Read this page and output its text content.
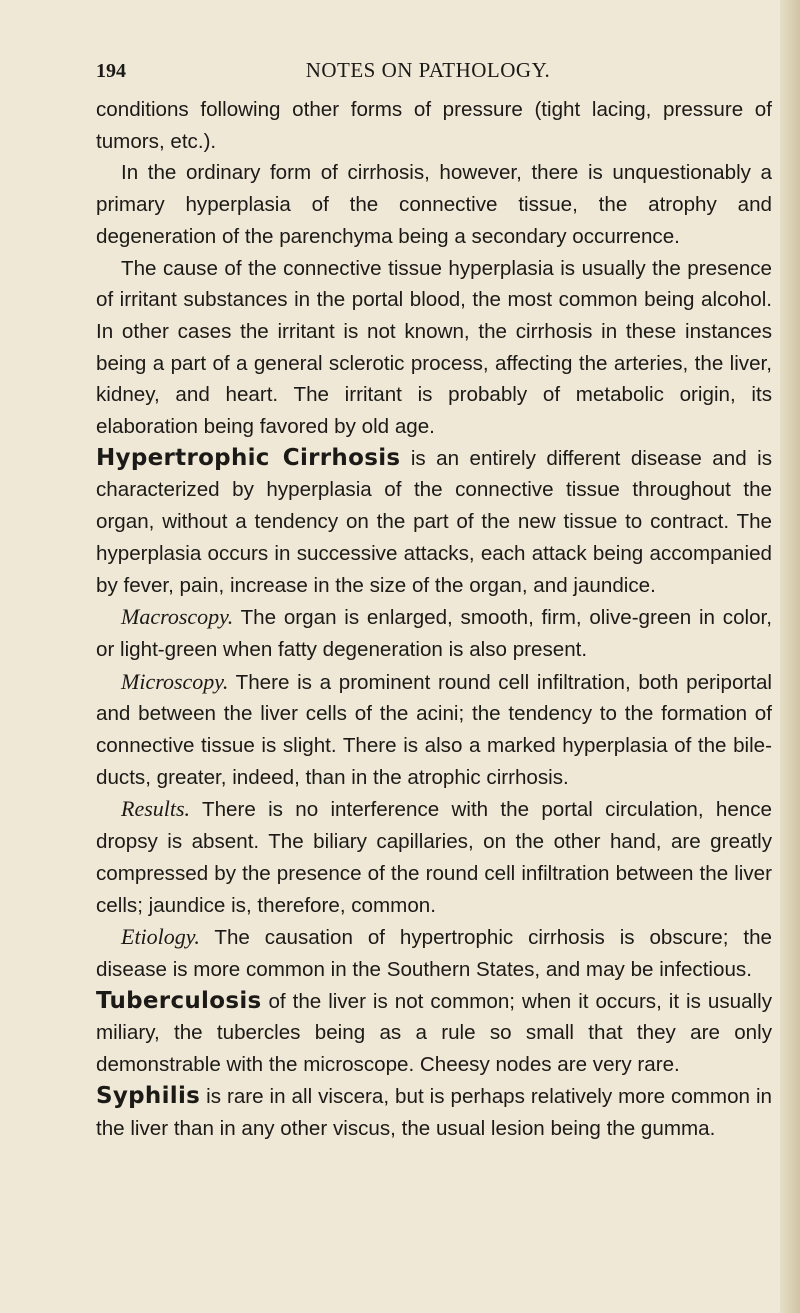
194	NOTES ON PATHOLOGY.

conditions following other forms of pressure (tight lacing, pressure of tumors, etc.).

In the ordinary form of cirrhosis, however, there is unquestionably a primary hyperplasia of the connective tissue, the atrophy and degeneration of the parenchyma being a secondary occurrence.

The cause of the connective tissue hyperplasia is usually the presence of irritant substances in the portal blood, the most common being alcohol. In other cases the irritant is not known, the cirrhosis in these instances being a part of a general sclerotic process, affecting the arteries, the liver, kidney, and heart. The irritant is probably of metabolic origin, its elaboration being favored by old age.

Hypertrophic Cirrhosis is an entirely different disease and is characterized by hyperplasia of the connective tissue throughout the organ, without a tendency on the part of the new tissue to contract. The hyperplasia occurs in successive attacks, each attack being accompanied by fever, pain, increase in the size of the organ, and jaundice.

Macroscopy. The organ is enlarged, smooth, firm, olive-green in color, or light-green when fatty degeneration is also present.

Microscopy. There is a prominent round cell infiltration, both periportal and between the liver cells of the acini; the tendency to the formation of connective tissue is slight. There is also a marked hyperplasia of the bile-ducts, greater, indeed, than in the atrophic cirrhosis.

Results. There is no interference with the portal circulation, hence dropsy is absent. The biliary capillaries, on the other hand, are greatly compressed by the presence of the round cell infiltration between the liver cells; jaundice is, therefore, common.

Etiology. The causation of hypertrophic cirrhosis is obscure; the disease is more common in the Southern States, and may be infectious.

Tuberculosis of the liver is not common; when it occurs, it is usually miliary, the tubercles being as a rule so small that they are only demonstrable with the microscope. Cheesy nodes are very rare.

Syphilis is rare in all viscera, but is perhaps relatively more common in the liver than in any other viscus, the usual lesion being the gumma.
